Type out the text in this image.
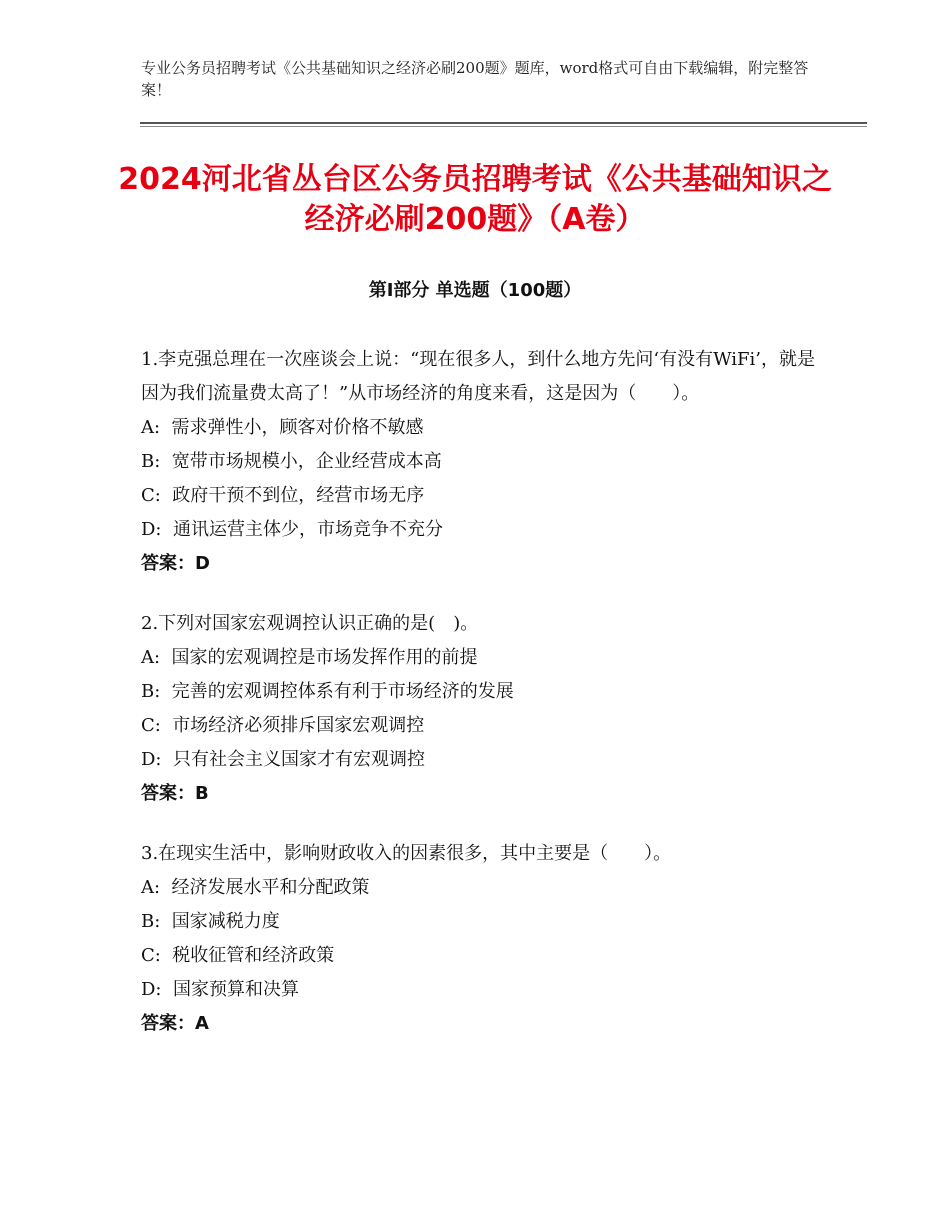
专业公务员招聘考试《公共基础知识之经济必刷200题》题库，word格式可自由下载编辑，附完整答案！
2024河北省丛台区公务员招聘考试《公共基础知识之经济必刷200题》（A卷）
第Ⅰ部分 单选题（100题）
1.李克强总理在一次座谈会上说：“现在很多人，到什么地方先问‘有没有WiFi’，就是因为我们流量费太高了！”从市场经济的角度来看，这是因为（　　）。
A:  需求弹性小，顾客对价格不敏感
B:  宽带市场规模小，企业经营成本高
C:  政府干预不到位，经营市场无序
D:  通讯运营主体少，市场竞争不充分
答案：D
2.下列对国家宏观调控认识正确的是(　)。
A:  国家的宏观调控是市场发挥作用的前提
B:  完善的宏观调控体系有利于市场经济的发展
C:  市场经济必须排斥国家宏观调控
D:  只有社会主义国家才有宏观调控
答案：B
3.在现实生活中，影响财政收入的因素很多，其中主要是（　　）。
A:  经济发展水平和分配政策
B:  国家减税力度
C:  税收征管和经济政策
D:  国家预算和决算
答案：A
